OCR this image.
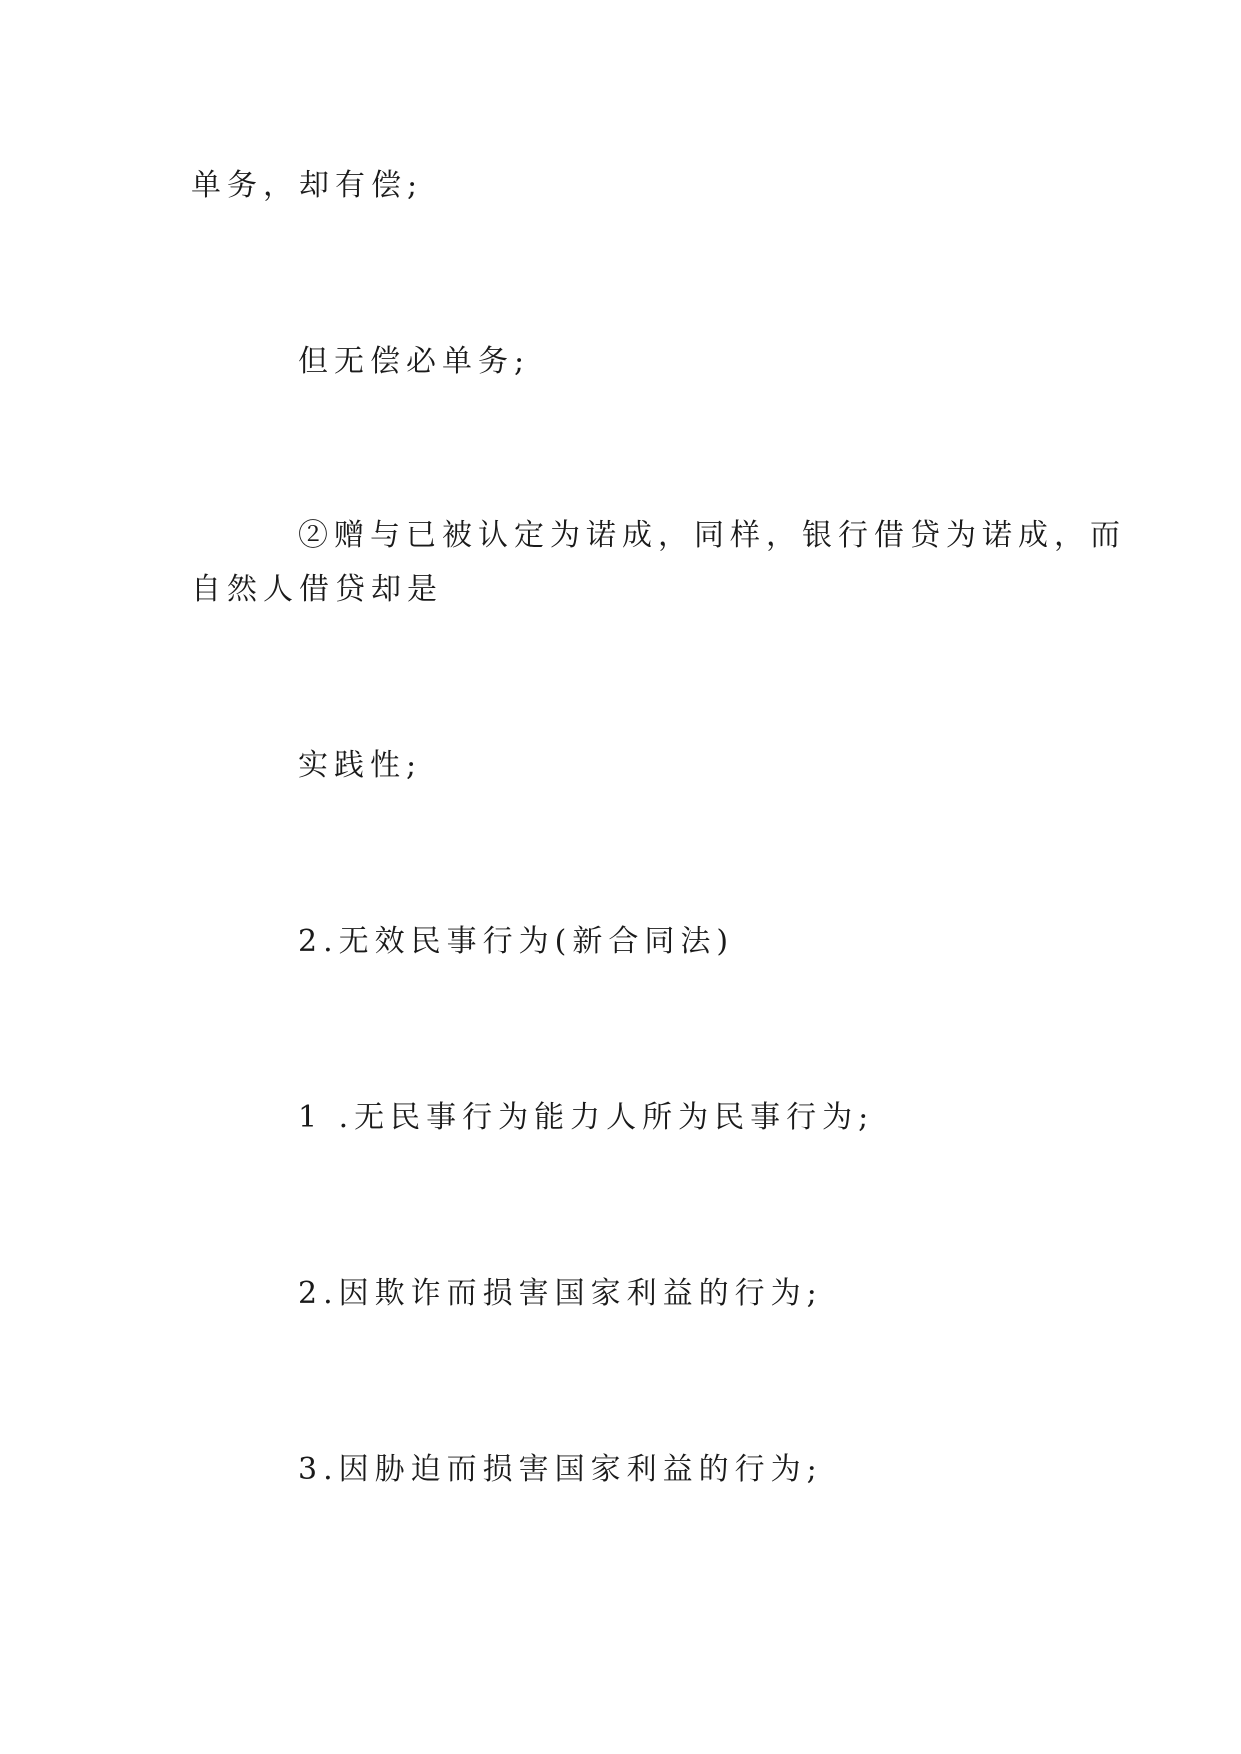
单务，却有偿;

但无偿必单务;

②赠与已被认定为诺成，同样，银行借贷为诺成，而

自然人借贷却是

实践性;

2.无效民事行为(新合同法)

1 .无民事行为能力人所为民事行为;

2.因欺诈而损害国家利益的行为;

3.因胁迫而损害国家利益的行为;
